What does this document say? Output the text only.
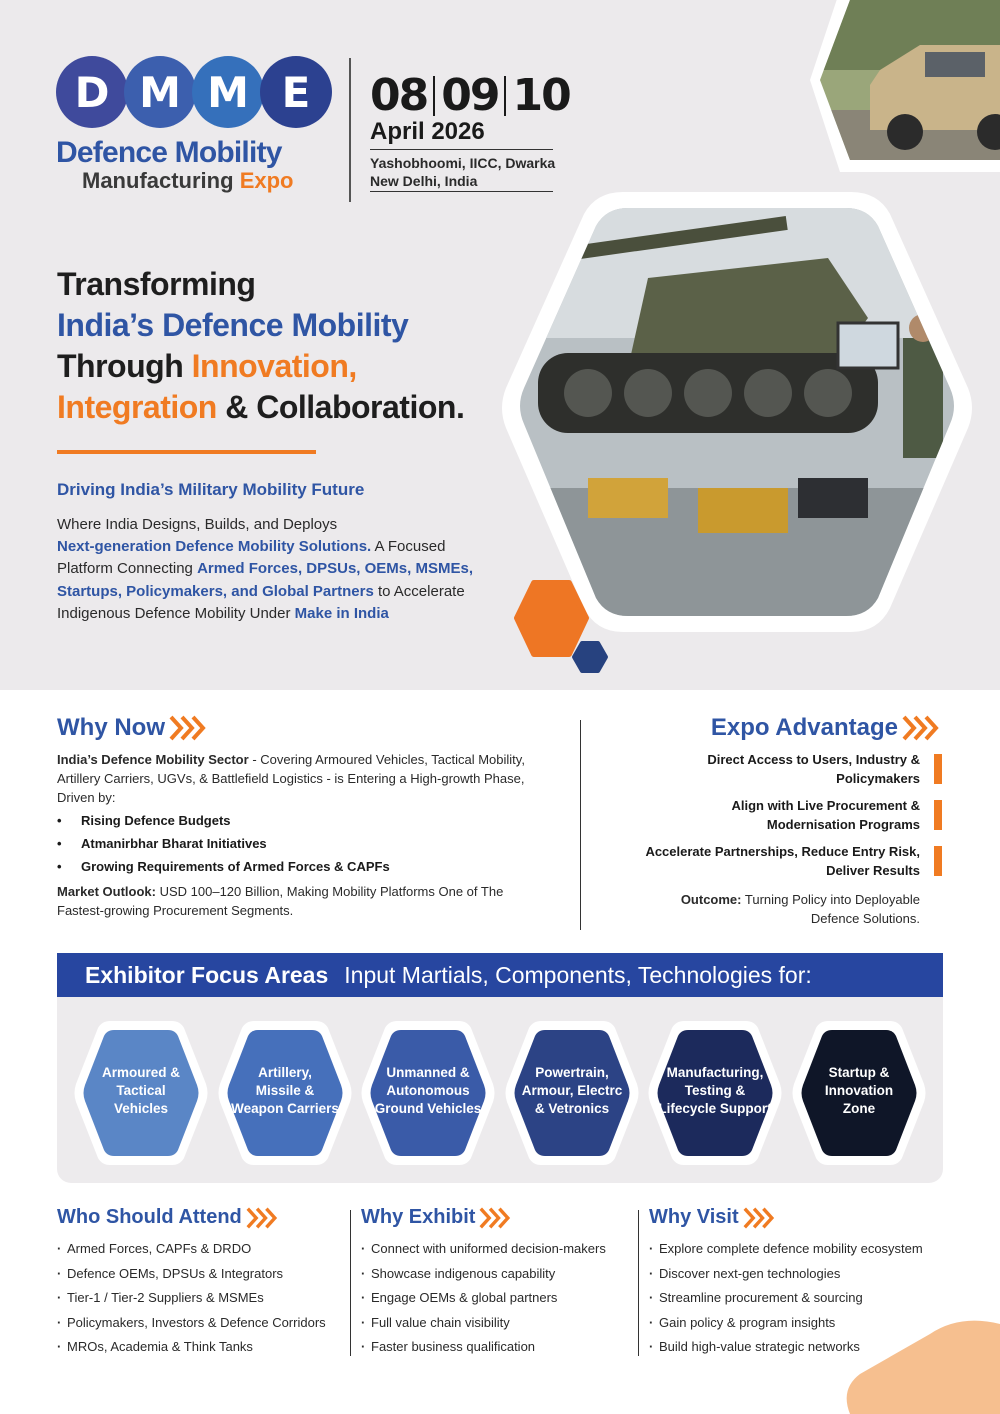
D M M E
Defence Mobility
Manufacturing Expo
08 09 10
April 2026
Yashobhoomi, IICC, Dwarka
New Delhi, India
Transforming
India’s Defence Mobility
Through Innovation,
Integration & Collaboration.
Driving India’s Military Mobility Future
Where India Designs, Builds, and Deploys
Next-generation Defence Mobility Solutions. A Focused Platform Connecting Armed Forces, DPSUs, OEMs, MSMEs, Startups, Policymakers, and Global Partners to Accelerate Indigenous Defence Mobility Under Make in India
Why Now

India’s Defence Mobility Sector - Covering Armoured Vehicles, Tactical Mobility, Artillery Carriers, UGVs, & Battlefield Logistics - is Entering a High-growth Phase, Driven by:

• Rising Defence Budgets
• Atmanirbhar Bharat Initiatives
• Growing Requirements of Armed Forces & CAPFs

Market Outlook: USD 100–120 Billion, Making Mobility Platforms One of The Fastest-growing Procurement Segments.

Expo Advantage
Direct Access to Users, Industry & Policymakers
Align with Live Procurement & Modernisation Programs
Accelerate Partnerships, Reduce Entry Risk, Deliver Results
Outcome: Turning Policy into Deployable Defence Solutions.
Exhibitor Focus Areas Input Martials, Components, Technologies for:
Armoured &
Tactical
Vehicles
Artillery,
Missile &
Weapon Carriers
Unmanned &
Autonomous
Ground Vehicles
Powertrain,
Armour, Electrc
& Vetronics
Manufacturing,
Testing &
Lifecycle Support
Startup &
Innovation
Zone
Who Should Attend
· Armed Forces, CAPFs & DRDO
· Defence OEMs, DPSUs & Integrators
· Tier-1 / Tier-2 Suppliers & MSMEs
· Policymakers, Investors & Defence Corridors
· MROs, Academia & Think Tanks
Why Exhibit
· Connect with uniformed decision-makers
· Showcase indigenous capability
· Engage OEMs & global partners
· Full value chain visibility
· Faster business qualification
Why Visit
· Explore complete defence mobility ecosystem
· Discover next-gen technologies
· Streamline procurement & sourcing
· Gain policy & program insights
· Build high-value strategic networks
